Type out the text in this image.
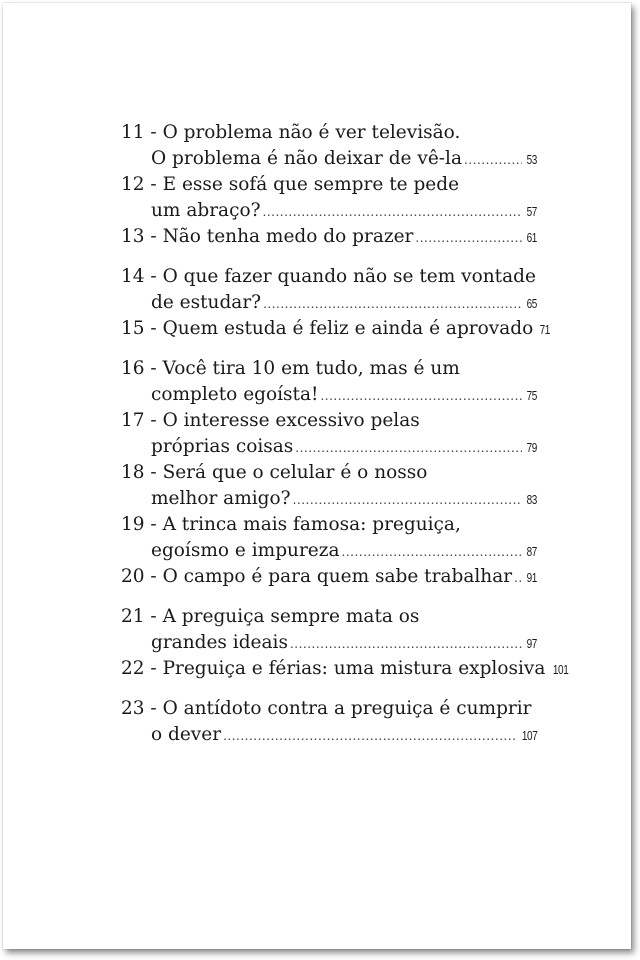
11 - O problema não é ver televisão.
O problema é não deixar de vê-la .....	53
12 - E esse sofá que sempre te pede
um abraço? .....	57
13 - Não tenha medo do prazer .....	61
14 - O que fazer quando não se tem vontade
de estudar? .....	65
15 - Quem estuda é feliz e ainda é aprovado 71
16 - Você tira 10 em tudo, mas é um
completo egoísta! .....	75
17 - O interesse excessivo pelas
próprias coisas .....	79
18 - Será que o celular é o nosso
melhor amigo? .....	83
19 - A trinca mais famosa: preguiça,
egoísmo e impureza .....	87
20 - O campo é para quem sabe trabalhar ..... 91
21 - A preguiça sempre mata os
grandes ideais .....	97
22 - Preguiça e férias: uma mistura explosiva 101
23 - O antídoto contra a preguiça é cumprir
o dever .....	107
